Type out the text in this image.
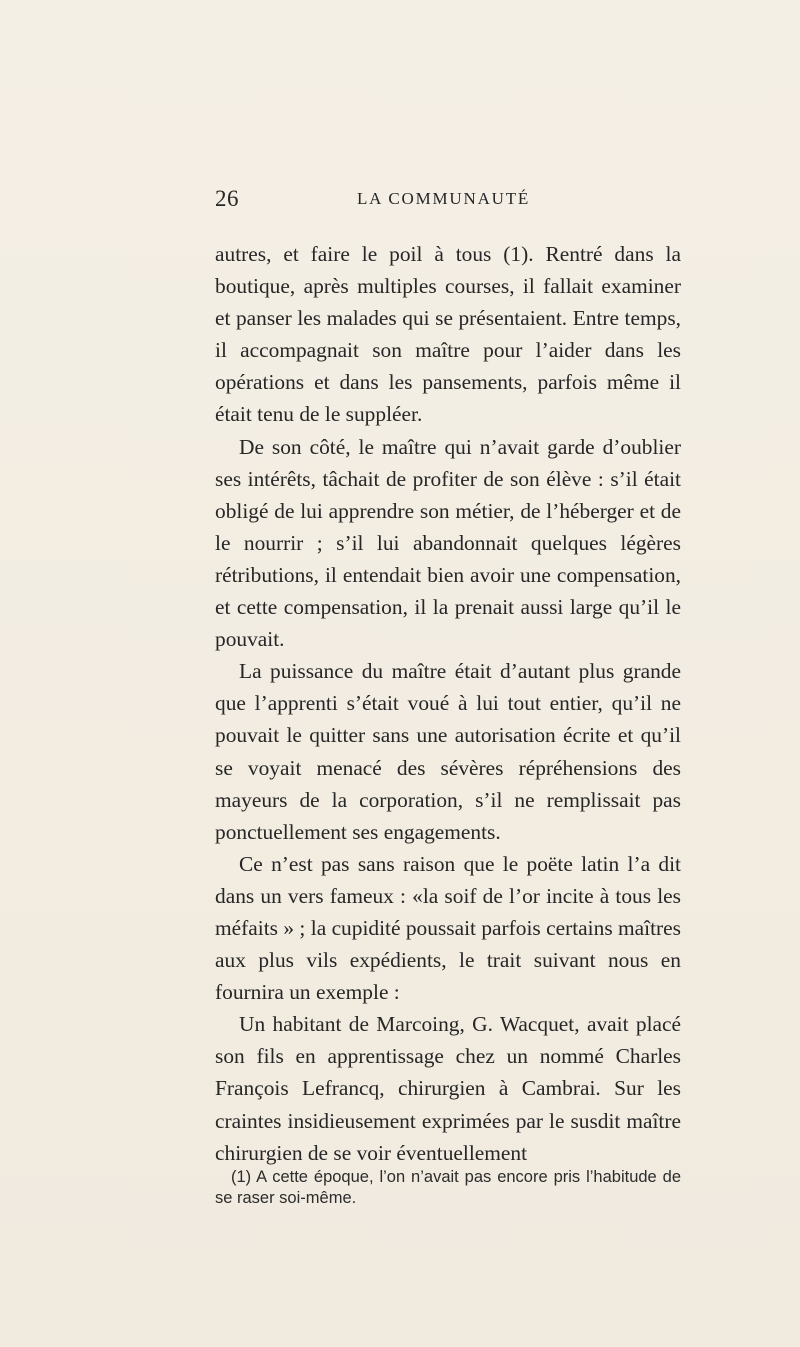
26	LA COMMUNAUTÉ

autres, et faire le poil à tous (1). Rentré dans la boutique, après multiples courses, il fallait examiner et panser les malades qui se présentaient. Entre temps, il accompagnait son maître pour l’aider dans les opérations et dans les pansements, parfois même il était tenu de le suppléer.

De son côté, le maître qui n’avait garde d’oublier ses intérêts, tâchait de profiter de son élève : s’il était obligé de lui apprendre son métier, de l’héberger et de le nourrir ; s’il lui abandonnait quelques légères rétributions, il entendait bien avoir une compensation, et cette compensation, il la prenait aussi large qu’il le pouvait.

La puissance du maître était d’autant plus grande que l’apprenti s’était voué à lui tout entier, qu’il ne pouvait le quitter sans une autorisation écrite et qu’il se voyait menacé des sévères répréhensions des mayeurs de la corporation, s’il ne remplissait pas ponctuellement ses engagements.

Ce n’est pas sans raison que le poëte latin l’a dit dans un vers fameux : «la soif de l’or incite à tous les méfaits » ; la cupidité poussait parfois certains maîtres aux plus vils expédients, le trait suivant nous en fournira un exemple :

Un habitant de Marcoing, G. Wacquet, avait placé son fils en apprentissage chez un nommé Charles François Lefrancq, chirurgien à Cambrai. Sur les craintes insidieusement exprimées par le susdit maître chirurgien de se voir éventuellement

(1) A cette époque, l’on n’avait pas encore pris l’habitude de se raser soi-même.
